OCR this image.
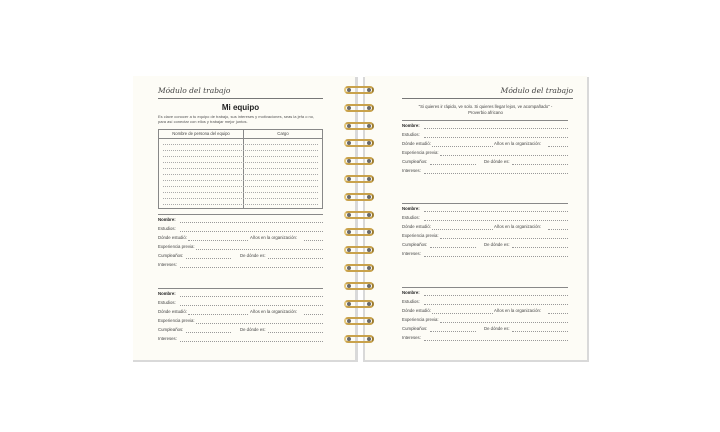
Módulo del trabajo
Mi equipo
Es clave conocer a tu equipo de trabajo, sus intereses y motivaciones, seas la jefa o no, para así conectar con ellos y trabajar mejor juntos.
Nombre de persona del equipo	Cargo
Nombre:
Estudios:
Dónde estudió:	Años en la organización:
Experiencia previa:
Cumpleaños:	De dónde es:
Intereses:
Nombre:
Estudios:
Dónde estudió:	Años en la organización:
Experiencia previa:
Cumpleaños:	De dónde es:
Intereses:
Módulo del trabajo
"Si quieres ir rápido, ve solo. Si quieres llegar lejos, ve acompañado" - Proverbio africano
Nombre:
Estudios:
Dónde estudió:	Años en la organización:
Experiencia previa:
Cumpleaños:	De dónde es:
Intereses:
Nombre:
Estudios:
Dónde estudió:	Años en la organización:
Experiencia previa:
Cumpleaños:	De dónde es:
Intereses:
Nombre:
Estudios:
Dónde estudió:	Años en la organización:
Experiencia previa:
Cumpleaños:	De dónde es:
Intereses:
